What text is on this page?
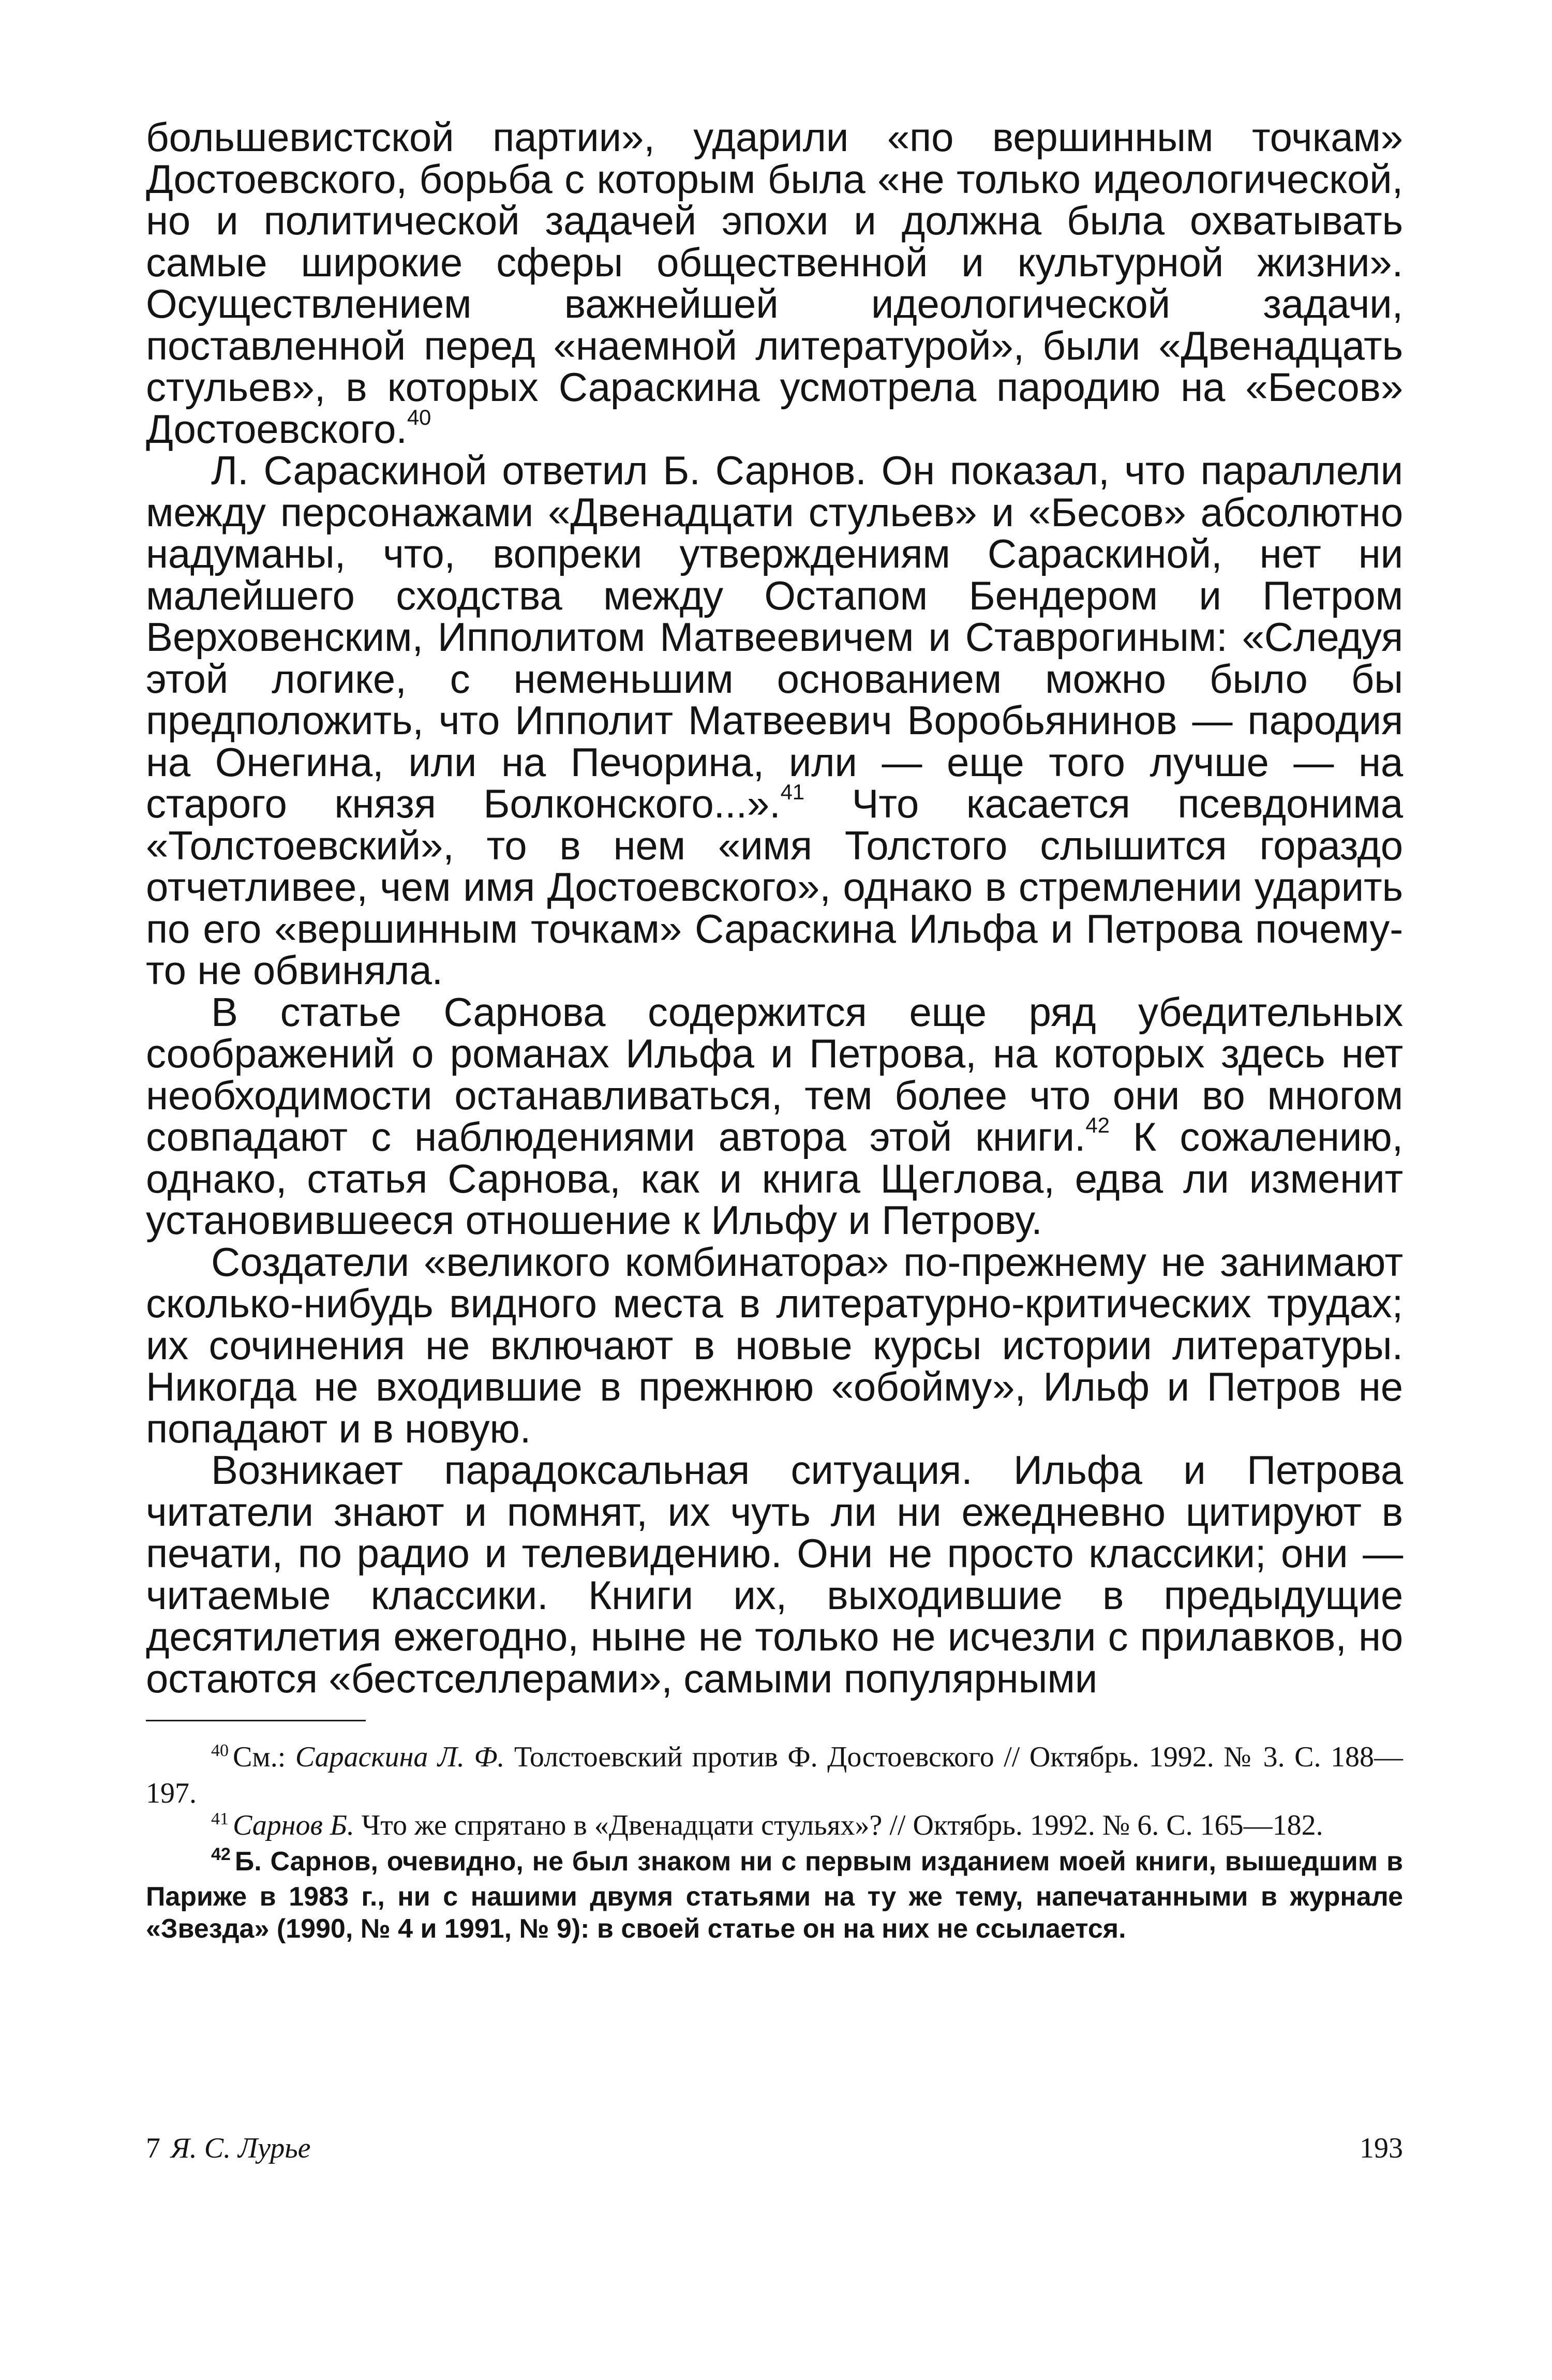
большевистской партии», ударили «по вершинным точкам» Достоевского, борьба с которым была «не только идеологической, но и политической задачей эпохи и должна была охватывать самые широкие сферы общественной и культурной жизни». Осуществлением важнейшей идеологической задачи, поставленной перед «наемной литературой», были «Двенадцать стульев», в которых Сараскина усмотрела пародию на «Бесов» Достоевского.$^{40}$

Л. Сараскиной ответил Б. Сарнов. Он показал, что параллели между персонажами «Двенадцати стульев» и «Бесов» абсолютно надуманы, что, вопреки утверждениям Сараскиной, нет ни малейшего сходства между Остапом Бендером и Петром Верховенским, Ипполитом Матвеевичем и Ставрогиным: «Следуя этой логике, с неменьшим основанием можно было бы предположить, что Ипполит Матвеевич Воробьянинов — пародия на Онегина, или на Печорина, или — еще того лучше — на старого князя Болконского...».$^{41}$ Что касается псевдонима «Толстоевский», то в нем «имя Толстого слышится гораздо отчетливее, чем имя Достоевского», однако в стремлении ударить по его «вершинным точкам» Сараскина Ильфа и Петрова почему-то не обвиняла.

В статье Сарнова содержится еще ряд убедительных соображений о романах Ильфа и Петрова, на которых здесь нет необходимости останавливаться, тем более что они во многом совпадают с наблюдениями автора этой книги.$^{42}$ К сожалению, однако, статья Сарнова, как и книга Щеглова, едва ли изменит установившееся отношение к Ильфу и Петрову.

Создатели «великого комбинатора» по-прежнему не занимают сколько-нибудь видного места в литературно-критических трудах; их сочинения не включают в новые курсы истории литературы. Никогда не входившие в прежнюю «обойму», Ильф и Петров не попадают и в новую.

Возникает парадоксальная ситуация. Ильфа и Петрова читатели знают и помнят, их чуть ли ни ежедневно цитируют в печати, по радио и телевидению. Они не просто классики; они — читаемые классики. Книги их, выходившие в предыдущие десятилетия ежегодно, ныне не только не исчезли с прилавков, но остаются «бестселлерами», самыми популярными

$^{40}$ См.: Сараскина Л. Ф. Толстоевский против Ф. Достоевского // Октябрь. 1992. № 3. С. 188—197.

$^{41}$ Сарнов Б. Что же спрятано в «Двенадцати стульях»? // Октябрь. 1992. № 6. С. 165—182.

$^{42}$ Б. Сарнов, очевидно, не был знаком ни с первым изданием моей книги, вышедшим в Париже в 1983 г., ни с нашими двумя статьями на ту же тему, напечатанными в журнале «Звезда» (1990, № 4 и 1991, № 9): в своей статье он на них не ссылается.

7 Я. С. Лурье	193
